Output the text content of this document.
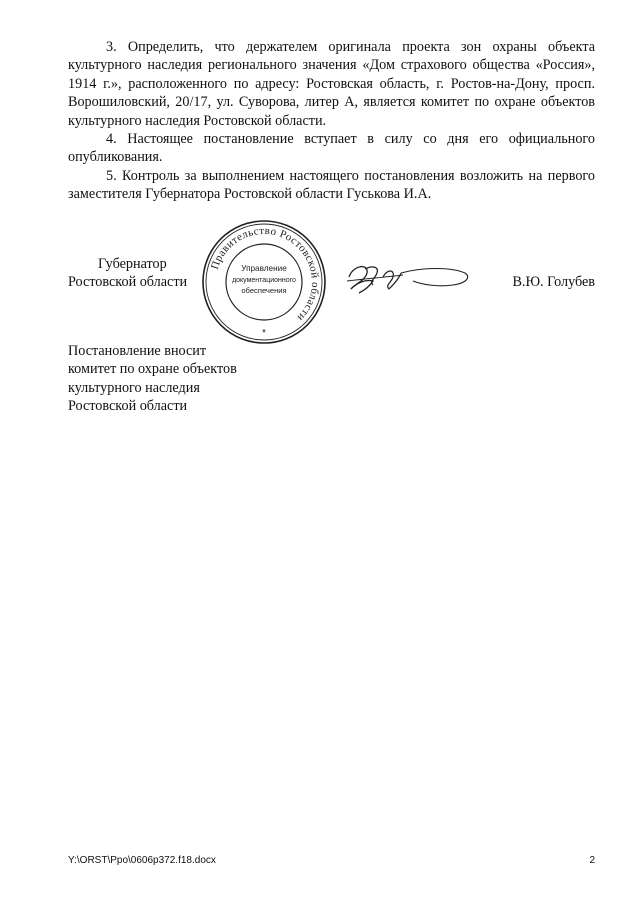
3. Определить, что держателем оригинала проекта зон охраны объекта культурного наследия регионального значения «Дом страхового общества «Россия», 1914 г.», расположенного по адресу: Ростовская область, г. Ростов-на-Дону, просп. Ворошиловский, 20/17, ул. Суворова, литер А, является комитет по охране объектов культурного наследия Ростовской области.

4. Настоящее постановление вступает в силу со дня его официального опубликования.

5. Контроль за выполнением настоящего постановления возложить на первого заместителя Губернатора Ростовской области Гуськова И.А.

Губернатор
Ростовской области
Правительство Ростовской области
Управление
документационного
обеспечения
*
В.Ю. Голубев
Постановление вносит
комитет по охране объектов
культурного наследия
Ростовской области
Y:\ORST\Ppo\0606p372.f18.docx	2
